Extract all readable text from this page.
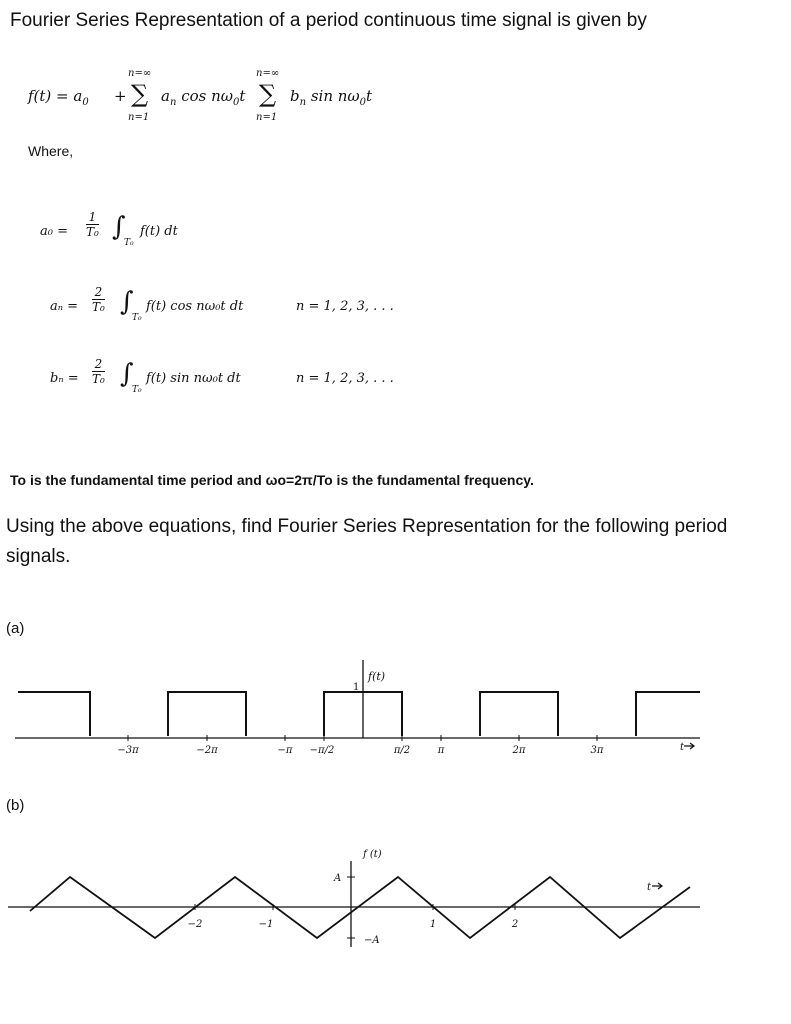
Fourier Series Representation of a period continuous time signal is given by
$f(t) = a_0$ +
n=∞
∑
n=1
$a_n$ $\cos n\omega_0t$
n=∞
∑
n=1
$b_n$ $\sin n\omega_0t$
Where,
$a_0 = \frac{1}{\text{T₀}}$ ∫
T₀
f(t) dt
$a_n = \frac{2}{\text{T₀}}$ ∫
T₀
f(t) cos nω₀t dt	n = 1, 2, 3, . . .
$b_n = \frac{2}{\text{T₀}}$ ∫
T₀
f(t) sin nω₀t dt	n = 1, 2, 3, . . .
To is the fundamental time period and ωo=2π/To is the fundamental frequency.
Using the above equations, find Fourier Series Representation for the following period signals.
(a)
−3π	−2π	−π −π/2	π/2	π	2π	3π
1
f(t)
t
(b)
−2	−1	1	2
A
−A
f (t)
t
